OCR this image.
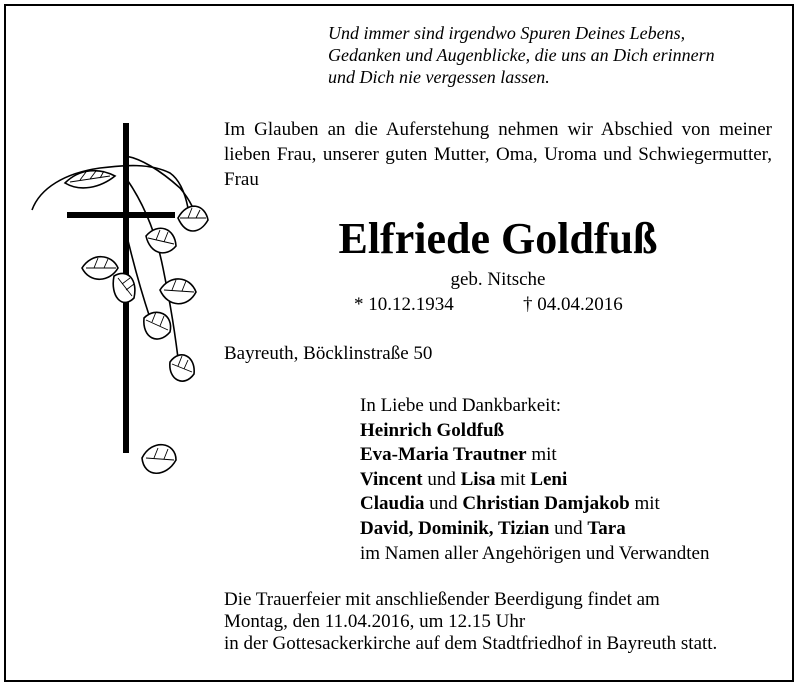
Und immer sind irgendwo Spuren Deines Lebens,
Gedanken und Augenblicke, die uns an Dich erinnern
und Dich nie vergessen lassen.
Im Glauben an die Auferstehung nehmen wir Abschied von meiner lieben Frau, unserer guten Mutter, Oma, Uroma und Schwiegermutter, Frau
Elfriede Goldfuß
geb. Nitsche
* 10.12.1934	† 04.04.2016
Bayreuth, Böcklinstraße 50
In Liebe und Dankbarkeit:
Heinrich Goldfuß
Eva-Maria Trautner mit
Vincent und Lisa mit Leni
Claudia und Christian Damjakob mit
David, Dominik, Tizian und Tara
im Namen aller Angehörigen und Verwandten
Die Trauerfeier mit anschließender Beerdigung findet am
Montag, den 11.04.2016, um 12.15 Uhr
in der Gottesackerkirche auf dem Stadtfriedhof in Bayreuth statt.
